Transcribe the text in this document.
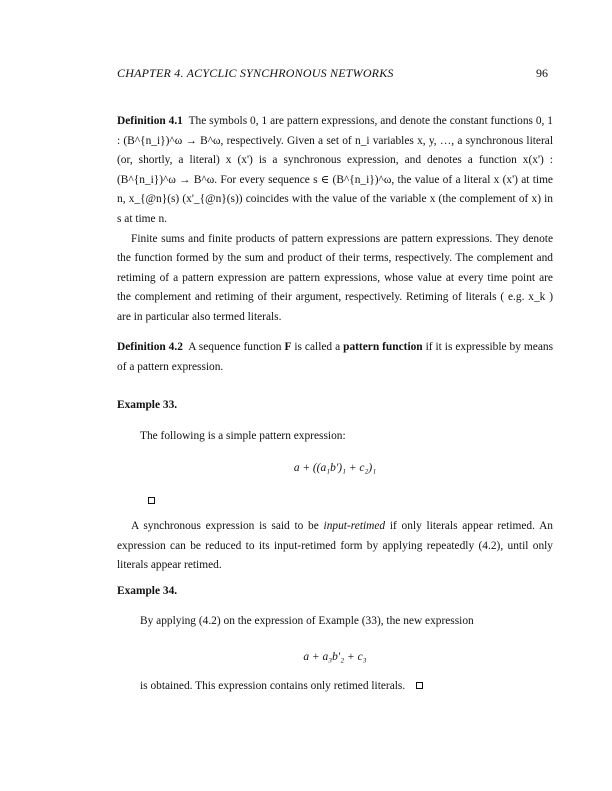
CHAPTER 4. ACYCLIC SYNCHRONOUS NETWORKS	96
Definition 4.1 The symbols 0, 1 are pattern expressions, and denote the constant functions 0, 1 : (B^{n_i})^ω → B^ω, respectively. Given a set of n_i variables x, y, …, a synchronous literal (or, shortly, a literal) x (x') is a synchronous expression, and denotes a function x(x') : (B^{n_i})^ω → B^ω. For every sequence s ∈ (B^{n_i})^ω, the value of a literal x (x') at time n, x_{@n}(s) (x'_{@n}(s)) coincides with the value of the variable x (the complement of x) in s at time n.
Finite sums and finite products of pattern expressions are pattern expressions. They denote the function formed by the sum and product of their terms, respectively. The complement and retiming of a pattern expression are pattern expressions, whose value at every time point are the complement and retiming of their argument, respectively. Retiming of literals ( e.g. x_k ) are in particular also termed literals.
Definition 4.2 A sequence function F is called a pattern function if it is expressible by means of a pattern expression.
Example 33.
The following is a simple pattern expression:
a + ((a₁b')₁ + c₂)₁
A synchronous expression is said to be input-retimed if only literals appear retimed. An expression can be reduced to its input-retimed form by applying repeatedly (4.2), until only literals appear retimed.
Example 34.
By applying (4.2) on the expression of Example (33), the new expression
a + a₃b'₂ + c₃
is obtained. This expression contains only retimed literals.
